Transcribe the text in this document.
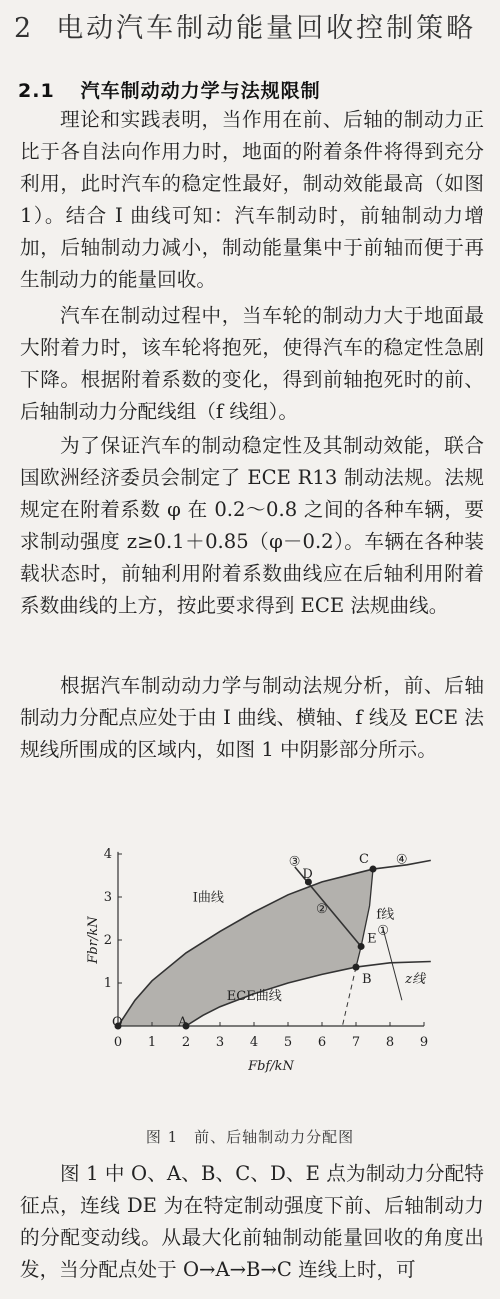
2 电动汽车制动能量回收控制策略
2.1 汽车制动动力学与法规限制

理论和实践表明，当作用在前、后轴的制动力正比于各自法向作用力时，地面的附着条件将得到充分利用，此时汽车的稳定性最好，制动效能最高（如图1）。结合 I 曲线可知：汽车制动时，前轴制动力增加，后轴制动力减小，制动能量集中于前轴而便于再生制动力的能量回收。

汽车在制动过程中，当车轮的制动力大于地面最大附着力时，该车轮将抱死，使得汽车的稳定性急剧下降。根据附着系数的变化，得到前轴抱死时的前、后轴制动力分配线组（f 线组）。

为了保证汽车的制动稳定性及其制动效能，联合国欧洲经济委员会制定了 ECE R13 制动法规。法规规定在附着系数 φ 在 0.2～0.8 之间的各种车辆，要求制动强度 z≥0.1＋0.85（φ－0.2）。车辆在各种装载状态时，前轴利用附着系数曲线应在后轴利用附着系数曲线的上方，按此要求得到 ECE 法规曲线。

根据汽车制动动力学与制动法规分析，前、后轴制动力分配点应处于由 I 曲线、横轴、f 线及 ECE 法规线所围成的区域内，如图 1 中阴影部分所示。

0 1 2 3 4 5 6 7 8 9
1
2
3
4
Fbf/kN
Fbr/kN
O	A
B
C
D
E
I曲线
f线
ECE曲线
z线
①
②
③	④
图 1 前、后轴制动力分配图

图 1 中 O、A、B、C、D、E 点为制动力分配特征点，连线 DE 为在特定制动强度下前、后轴制动力的分配变动线。从最大化前轴制动能量回收的角度出发，当分配点处于 O→A→B→C 连线上时，可
